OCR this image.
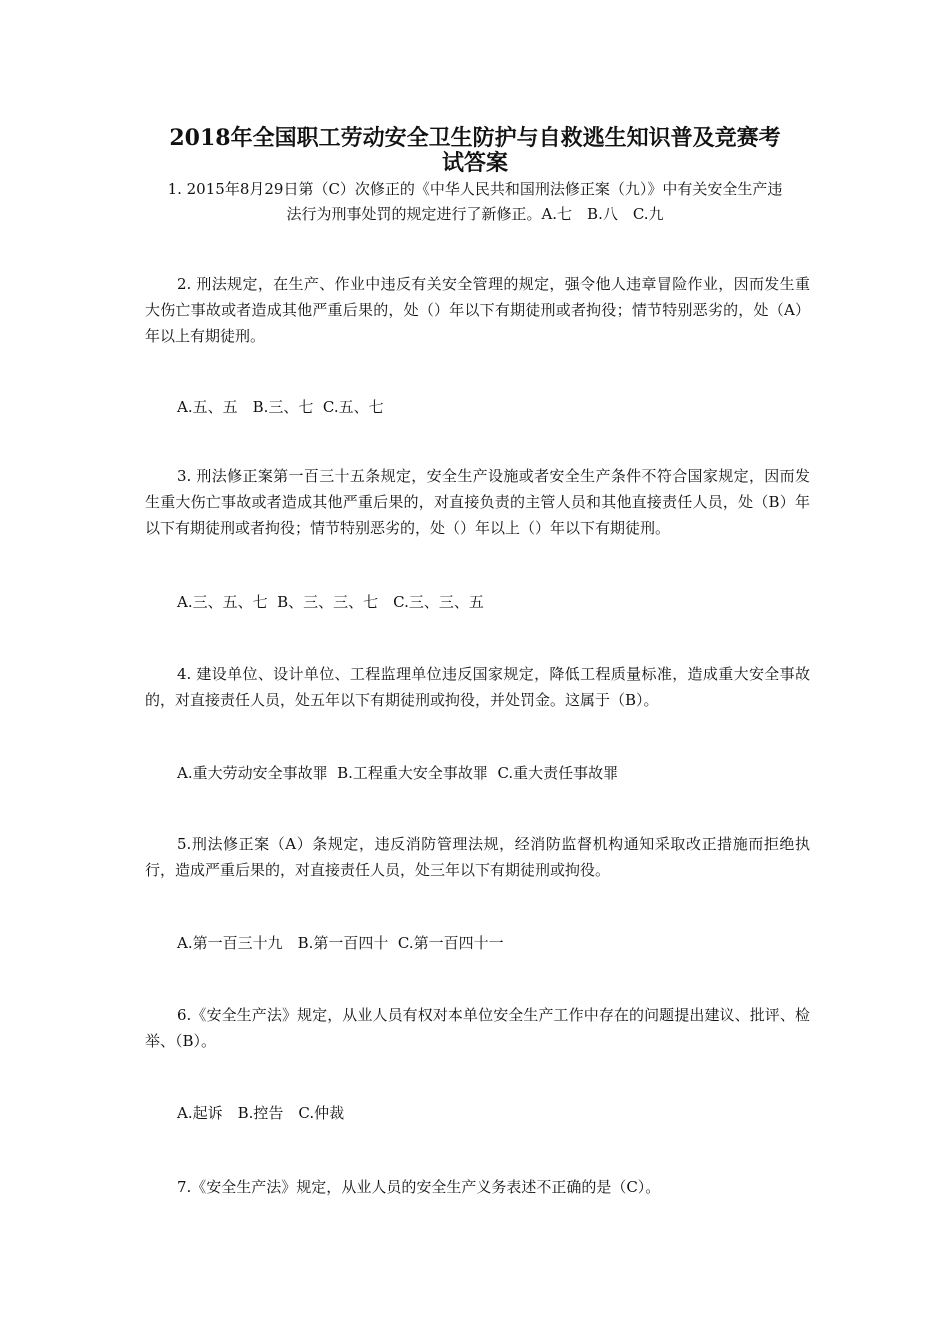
2018年全国职工劳动安全卫生防护与自救逃生知识普及竞赛考
试答案

1. 2015年8月29日第（C）次修正的《中华人民共和国刑法修正案（九）》中有关安全生产违

法行为刑事处罚的规定进行了新修正。A.七　B.八　C.九

2. 刑法规定，在生产、作业中违反有关安全管理的规定，强令他人违章冒险作业，因而发生重大伤亡事故或者造成其他严重后果的，处（）年以下有期徒刑或者拘役；情节特别恶劣的，处（A）年以上有期徒刑。

A.五、五　B.三、七  C.五、七

3. 刑法修正案第一百三十五条规定，安全生产设施或者安全生产条件不符合国家规定，因而发生重大伤亡事故或者造成其他严重后果的，对直接负责的主管人员和其他直接责任人员，处（B）年以下有期徒刑或者拘役；情节特别恶劣的，处（）年以上（）年以下有期徒刑。

A.三、五、七  B、三、三、七　C.三、三、五

4. 建设单位、设计单位、工程监理单位违反国家规定，降低工程质量标准，造成重大安全事故的，对直接责任人员，处五年以下有期徒刑或拘役，并处罚金。这属于（B）。

A.重大劳动安全事故罪  B.工程重大安全事故罪  C.重大责任事故罪

5.刑法修正案（A）条规定，违反消防管理法规，经消防监督机构通知采取改正措施而拒绝执行，造成严重后果的，对直接责任人员，处三年以下有期徒刑或拘役。

A.第一百三十九　B.第一百四十  C.第一百四十一

6.《安全生产法》规定，从业人员有权对本单位安全生产工作中存在的问题提出建议、批评、检举、（B）。

A.起诉　B.控告　C.仲裁

7.《安全生产法》规定，从业人员的安全生产义务表述不正确的是（C）。
